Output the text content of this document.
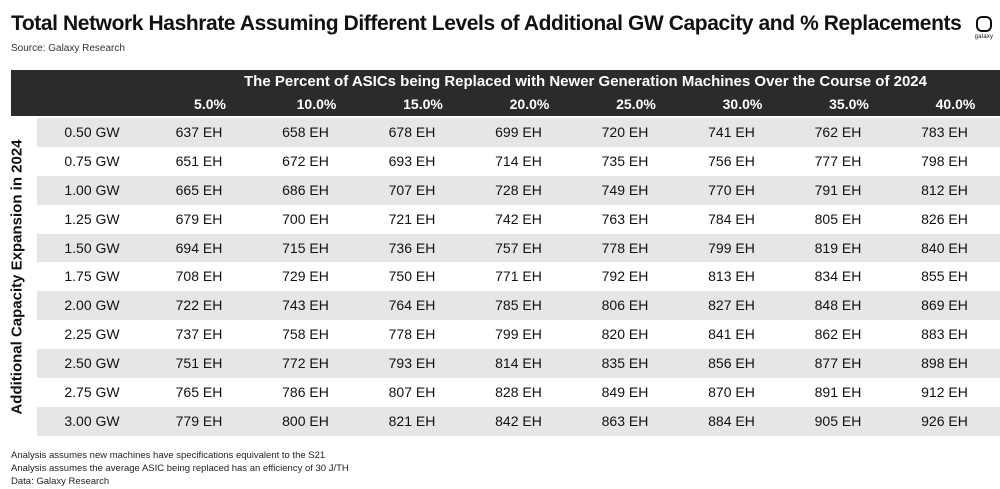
Total Network Hashrate Assuming Different Levels of Additional GW Capacity and % Replacements
Source: Galaxy Research
galaxy
The Percent of ASICs being Replaced with Newer Generation Machines Over the Course of 2024
5.0%	10.0%	15.0%	20.0%	25.0%	30.0%	35.0%	40.0%
Additional Capacity Expansion in 2024
0.50 GW	637 EH	658 EH	678 EH	699 EH	720 EH	741 EH	762 EH	783 EH
0.75 GW	651 EH	672 EH	693 EH	714 EH	735 EH	756 EH	777 EH	798 EH
1.00 GW	665 EH	686 EH	707 EH	728 EH	749 EH	770 EH	791 EH	812 EH
1.25 GW	679 EH	700 EH	721 EH	742 EH	763 EH	784 EH	805 EH	826 EH
1.50 GW	694 EH	715 EH	736 EH	757 EH	778 EH	799 EH	819 EH	840 EH
1.75 GW	708 EH	729 EH	750 EH	771 EH	792 EH	813 EH	834 EH	855 EH
2.00 GW	722 EH	743 EH	764 EH	785 EH	806 EH	827 EH	848 EH	869 EH
2.25 GW	737 EH	758 EH	778 EH	799 EH	820 EH	841 EH	862 EH	883 EH
2.50 GW	751 EH	772 EH	793 EH	814 EH	835 EH	856 EH	877 EH	898 EH
2.75 GW	765 EH	786 EH	807 EH	828 EH	849 EH	870 EH	891 EH	912 EH
3.00 GW	779 EH	800 EH	821 EH	842 EH	863 EH	884 EH	905 EH	926 EH
Analysis assumes new machines have specifications equivalent to the S21
Analysis assumes the average ASIC being replaced has an efficiency of 30 J/TH
Data: Galaxy Research
